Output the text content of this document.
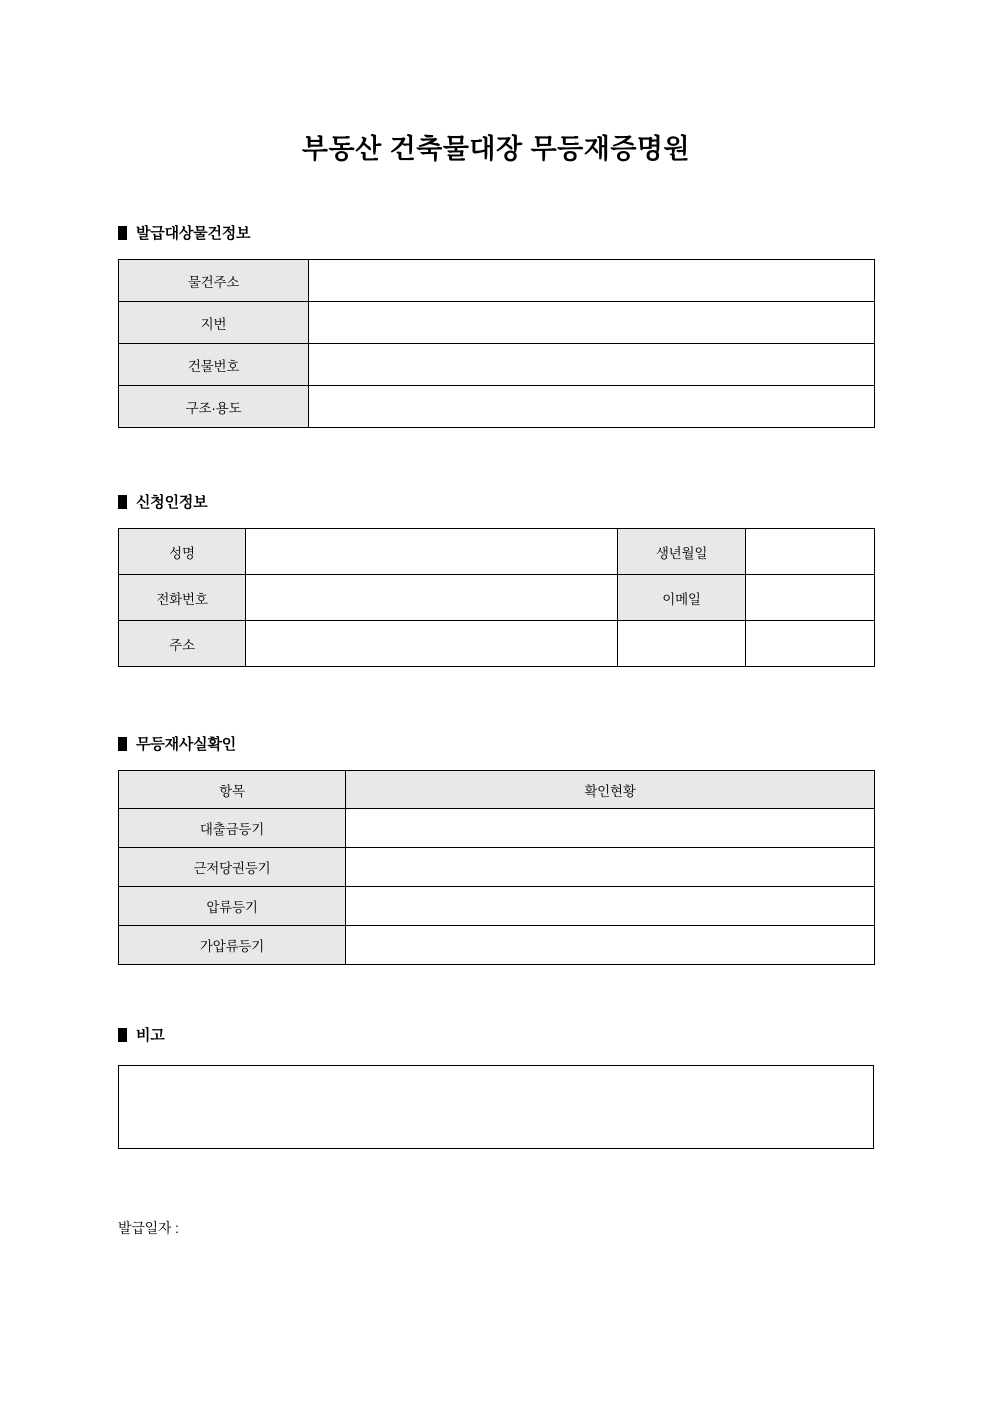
부동산 건축물대장 무등재증명원
발급대상물건정보
물건주소	
지번	
건물번호	
구조·용도	
신청인정보
성명		생년월일	
전화번호		이메일	
주소			
무등재사실확인
항목	확인현황
대출금등기	
근저당권등기	
압류등기	
가압류등기	
비고
발급일자 :
